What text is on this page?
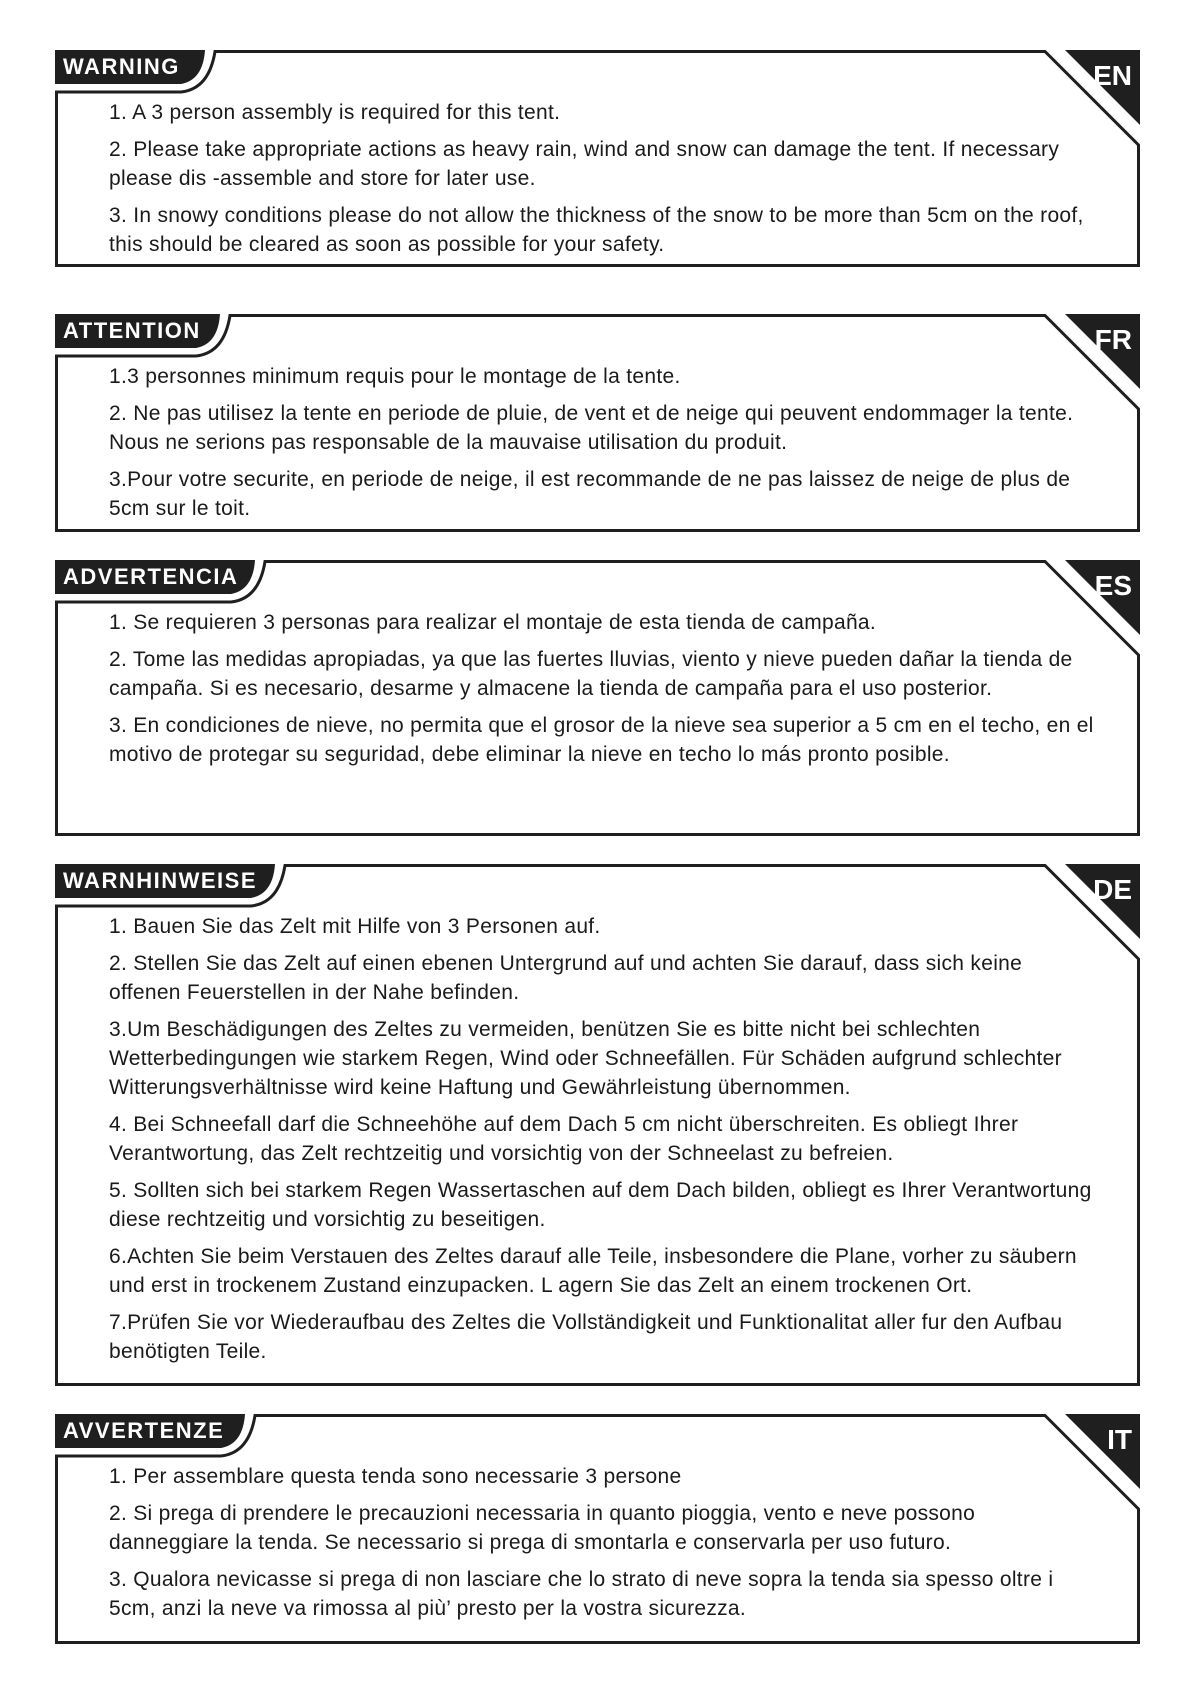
WARNING	EN

1. A 3 person assembly is required for this tent.

2. Please take appropriate actions as heavy rain, wind and snow can damage the tent. If necessary please dis -assemble and store for later use.

3. In snowy conditions please do not allow the thickness of the snow to be more than 5cm on the roof, this should be cleared as soon as possible for your safety.

ATTENTION	FR

1.3 personnes minimum requis pour le montage de la tente.

2. Ne pas utilisez la tente en periode de pluie, de vent et de neige qui peuvent endommager la tente. Nous ne serions pas responsable de la mauvaise utilisation du produit.

3.Pour votre securite, en periode de neige, il est recommande de ne pas laissez de neige de plus de 5cm sur le toit.

ADVERTENCIA	ES

1. Se requieren 3 personas para realizar el montaje de esta tienda de campaña.

2. Tome las medidas apropiadas, ya que las fuertes lluvias, viento y nieve pueden dañar la tienda de campaña. Si es necesario, desarme y almacene la tienda de campaña para el uso posterior.

3. En condiciones de nieve, no permita que el grosor de la nieve sea superior a 5 cm en el techo, en el motivo de protegar su seguridad, debe eliminar la nieve en techo lo más pronto posible.

WARNHINWEISE	DE

1. Bauen Sie das Zelt mit Hilfe von 3 Personen auf.

2. Stellen Sie das Zelt auf einen ebenen Untergrund auf und achten Sie darauf, dass sich keine offenen Feuerstellen in der Nahe befinden.

3.Um Beschädigungen des Zeltes zu vermeiden, benützen Sie es bitte nicht bei schlechten Wetterbedingungen wie starkem Regen, Wind oder Schneefällen. Für Schäden aufgrund schlechter Witterungsverhältnisse wird keine Haftung und Gewährleistung übernommen.

4. Bei Schneefall darf die Schneehöhe auf dem Dach 5 cm nicht überschreiten. Es obliegt Ihrer Verantwortung, das Zelt rechtzeitig und vorsichtig von der Schneelast zu befreien.

5. Sollten sich bei starkem Regen Wassertaschen auf dem Dach bilden, obliegt es Ihrer Verantwortung diese rechtzeitig und vorsichtig zu beseitigen.

6.Achten Sie beim Verstauen des Zeltes darauf alle Teile, insbesondere die Plane, vorher zu säubern und erst in trockenem Zustand einzupacken. L agern Sie das Zelt an einem trockenen Ort.

7.Prüfen Sie vor Wiederaufbau des Zeltes die Vollständigkeit und Funktionalitat aller fur den Aufbau benötigten Teile.

AVVERTENZE	IT

1. Per assemblare questa tenda sono necessarie 3 persone

2. Si prega di prendere le precauzioni necessaria in quanto pioggia, vento e neve possono danneggiare la tenda. Se necessario si prega di smontarla e conservarla per uso futuro.

3. Qualora nevicasse si prega di non lasciare che lo strato di neve sopra la tenda sia spesso oltre i 5cm, anzi la neve va rimossa al più’ presto per la vostra sicurezza.
